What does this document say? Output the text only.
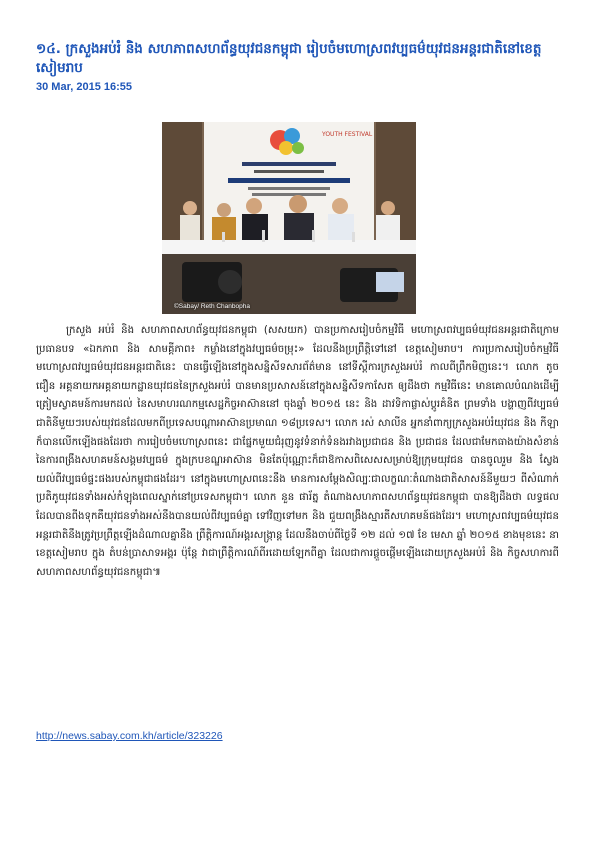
១៤. ក្រសួងអប់រំ និង សហភាពសហព័ន្ធយុវជនកម្ពុជា រៀបចំមហោស្រពវប្បធម៌យុវជនអន្តរជាតិនៅខេត្ត សៀមរាប
30 Mar, 2015 16:55
YOUTH FESTIVAL
©Sabay/ Reth Chanbopha
ក្រសួង អប់រំ និង សហភាពសហព័ន្ធយុវជនកម្ពុជា (សសយក) បានប្រកាសរៀបចំកម្មវិធី មហោស្រពវប្បធម៌យុវជនអន្តរជាតិក្រោមប្រធានបទ «ឯកភាព និង សាមគ្គីភាព៖ កម្លាំងនៅក្នុងវប្បធម៌ចម្រុះ» ដែលនឹងប្រព្រឹត្តិទៅនៅ ខេត្តសៀមរាប។ ការប្រកាសរៀបចំកម្មវិធី មហោស្រពវប្បធម៌យុវជនអន្តរជាតិនេះ បានធ្វើឡើងនៅក្នុងសន្និសីទសារព័ត៌មាន នៅទីស្តីការក្រសួងអប់រំ កាលពីព្រឹកមិញនេះ។ លោក តូច ជឿន អគ្គនាយកអគ្គនាយកដ្ឋានយុវជននៃក្រសួងអប់រំ បានមានប្រសាសន៍នៅក្នុងសន្និសីទកាសែត ឲ្យដឹងថា កម្មវិធីនេះ មានគោលបំណងដើម្បីត្រៀមស្វាគមន៍ការមកដល់ នៃសមាហរណកម្មសេដ្ឋកិច្ចអាស៊ាននៅ ចុងឆ្នាំ ២០១៥ នេះ និង ដាវទិកាផ្លាស់ប្តូរគំនិត ព្រមទាំង បង្ហាញពីវប្បធម៌ជាតិនីមួយៗរបស់យុវជនដែលមកពីប្រទេសបណ្តាអាស៊ានប្រមាណ ១៨ប្រទេស។ លោក រស់ សាលីន អ្នកនាំពាក្យក្រសួងអប់រំយុវជន និង កីឡា ក៏បានលើកឡើងផងដែរថា ការរៀបចំមហោស្រពនេះ ជាផ្នែកមួយជំរុញនូវទំនាក់ទំនងរវាងប្រជាជន និង ប្រជាជន ដែលជាមែកធាងយ៉ាងសំខាន់នៃការពង្រឹងសហគមន៍សង្គមវប្បធម៌ ក្នុងក្របខណ្ឌអាស៊ាន មិនតែប៉ុណ្ណោះក៏ជាឱកាសពិសេសសម្រាប់ឱ្យក្រុមយុវជន បានចូលរួម និង ស្វែងយល់ពីវប្បធម៌ផ្ទះផងរបស់កម្ពុជាផងដែរ។ នៅក្នុងមហោស្រពនេះនឹង មានការសម្តែងសិល្បៈជាលក្ខណៈតំណាងជាតិសាសន៍នីមួយៗ ពីសំណាក់ប្រតិភូយុវជនទាំងអស់កំឡុងពេលស្នាក់នៅប្រទេសកម្ពុជា។ លោក នួន ផារ័ត្ន តំណាងសហភាពសហព័ន្ធយុវជនកម្ពុជា បានឱ្យដឹងថា លទ្ធផលដែលបានពីងទុកគឺយុវជនទាំងអស់នឹងបានយល់ពីវប្បធម៌គ្នា ទៅវិញទៅមក និង ជួយពង្រឹងស្មារតីសហគមន៍ផងដែរ។ មហោស្រពវប្បធម៌យុវជនអន្តរជាតិនឹងត្រូវប្រព្រឹត្តឡើងដំណាលគ្នានឹង ព្រឹត្តិការណ៍អង្គរសង្ក្រាន្ត ដែលនឹងចាប់ពីថ្ងៃទី ១២ ដល់ ១៧ ខែ មេសា ឆ្នាំ ២០១៥ ខាងមុខនេះ នាខេត្តសៀមរាប ក្នុង តំបន់ប្រាសាទអង្គរ ប៉ុន្តែ វាជាព្រឹត្តិការណ៍ពីរដោយឡែកពីគ្នា ដែលជាការផ្តួចផ្តើមឡើងដោយក្រសួងអប់រំ និង កិច្ចសហការពី សហភាពសហព័ន្ធយុវជនកម្ពុជា៕
http://news.sabay.com.kh/article/323226
